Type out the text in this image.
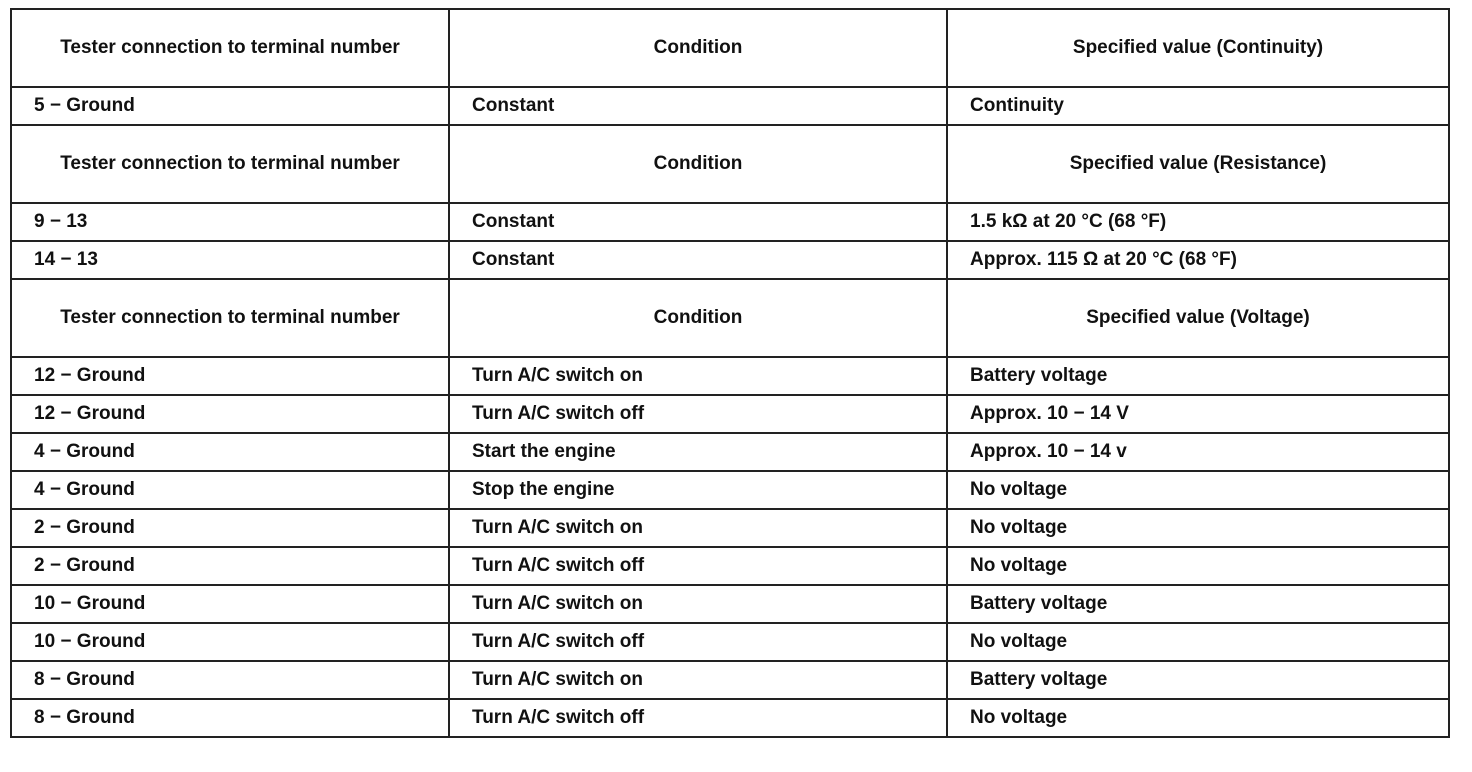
Tester connection to terminal number	Condition	Specified value (Continuity)
5 − Ground	Constant	Continuity
Tester connection to terminal number	Condition	Specified value (Resistance)
9 − 13	Constant	1.5 kΩ at 20 °C (68 °F)
14 − 13	Constant	Approx. 115 Ω at 20 °C (68 °F)
Tester connection to terminal number	Condition	Specified value (Voltage)
12 − Ground	Turn A/C switch on	Battery voltage
12 − Ground	Turn A/C switch off	Approx. 10 − 14 V
4 − Ground	Start the engine	Approx. 10 − 14 v
4 − Ground	Stop the engine	No voltage
2 − Ground	Turn A/C switch on	No voltage
2 − Ground	Turn A/C switch off	No voltage
10 − Ground	Turn A/C switch on	Battery voltage
10 − Ground	Turn A/C switch off	No voltage
8 − Ground	Turn A/C switch on	Battery voltage
8 − Ground	Turn A/C switch off	No voltage
